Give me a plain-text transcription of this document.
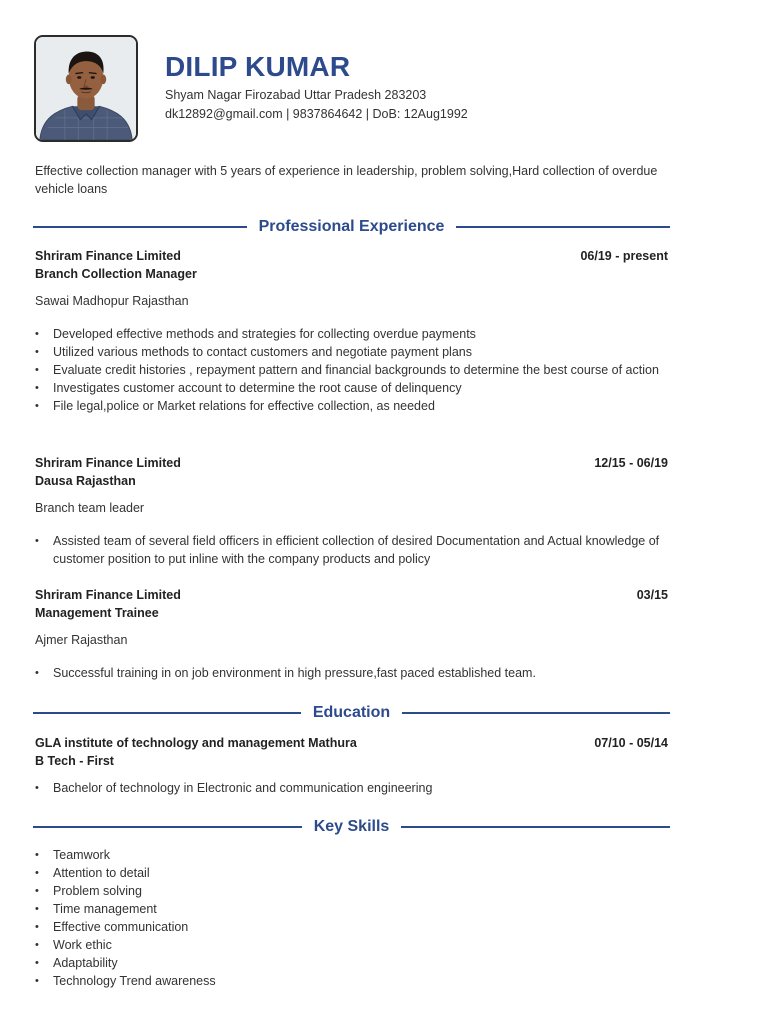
DILIP KUMAR
Shyam Nagar Firozabad Uttar Pradesh 283203
dk12892@gmail.com | 9837864642 | DoB: 12Aug1992
Effective collection manager with 5 years of experience in leadership, problem solving,Hard collection of overdue vehicle loans
Professional Experience
Shriram Finance Limited	06/19 - present
Branch Collection Manager
Sawai Madhopur Rajasthan
• Developed effective methods and strategies for collecting overdue payments
• Utilized various methods to contact customers and negotiate payment plans
• Evaluate credit histories , repayment pattern and financial backgrounds to determine the best course of action
• Investigates customer account to determine the root cause of delinquency
• File legal,police or Market relations for effective collection, as needed
Shriram Finance Limited	12/15 - 06/19
Dausa Rajasthan
Branch team leader
• Assisted team of several field officers in efficient collection of desired Documentation and Actual knowledge of customer position to put inline with the company products and policy
Shriram Finance Limited	03/15
Management Trainee
Ajmer Rajasthan
• Successful training in on job environment in high pressure,fast paced established team.
Education
GLA institute of technology and management Mathura	07/10 - 05/14
B Tech - First
• Bachelor of technology in Electronic and communication engineering
Key Skills
• Teamwork
• Attention to detail
• Problem solving
• Time management
• Effective communication
• Work ethic
• Adaptability
• Technology Trend awareness
